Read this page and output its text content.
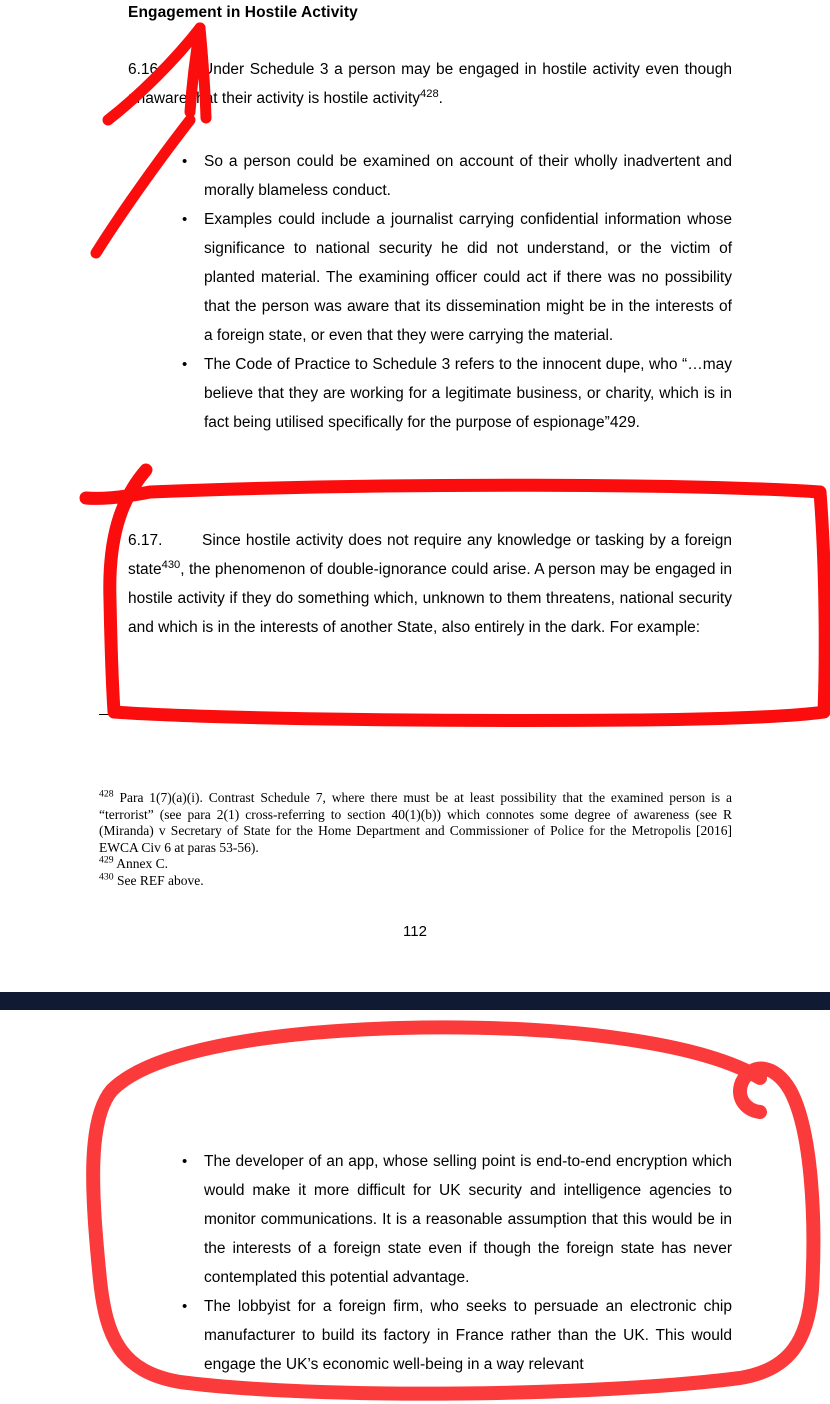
Engagement in Hostile Activity
6.16.	Under Schedule 3 a person may be engaged in hostile activity even though unaware that their activity is hostile activity$^{428}$.
• So a person could be examined on account of their wholly inadvertent and morally blameless conduct.
• Examples could include a journalist carrying confidential information whose significance to national security he did not understand, or the victim of planted material. The examining officer could act if there was no possibility that the person was aware that its dissemination might be in the interests of a foreign state, or even that they were carrying the material.
• The Code of Practice to Schedule 3 refers to the innocent dupe, who “…may believe that they are working for a legitimate business, or charity, which is in fact being utilised specifically for the purpose of espionage”429.
6.17.	Since hostile activity does not require any knowledge or tasking by a foreign state$^{430}$, the phenomenon of double-ignorance could arise. A person may be engaged in hostile activity if they do something which, unknown to them threatens, national security and which is in the interests of another State, also entirely in the dark. For example:

$^{428}$ Para 1(7)(a)(i). Contrast Schedule 7, where there must be at least possibility that the examined person is a “terrorist” (see para 2(1) cross-referring to section 40(1)(b)) which connotes some degree of awareness (see R (Miranda) v Secretary of State for the Home Department and Commissioner of Police for the Metropolis [2016] EWCA Civ 6 at paras 53-56).

$^{429}$ Annex C.

$^{430}$ See REF above.

112
• The developer of an app, whose selling point is end-to-end encryption which would make it more difficult for UK security and intelligence agencies to monitor communications. It is a reasonable assumption that this would be in the interests of a foreign state even if though the foreign state has never contemplated this potential advantage.
• The lobbyist for a foreign firm, who seeks to persuade an electronic chip manufacturer to build its factory in France rather than the UK. This would engage the UK’s economic well-being in a way relevant
